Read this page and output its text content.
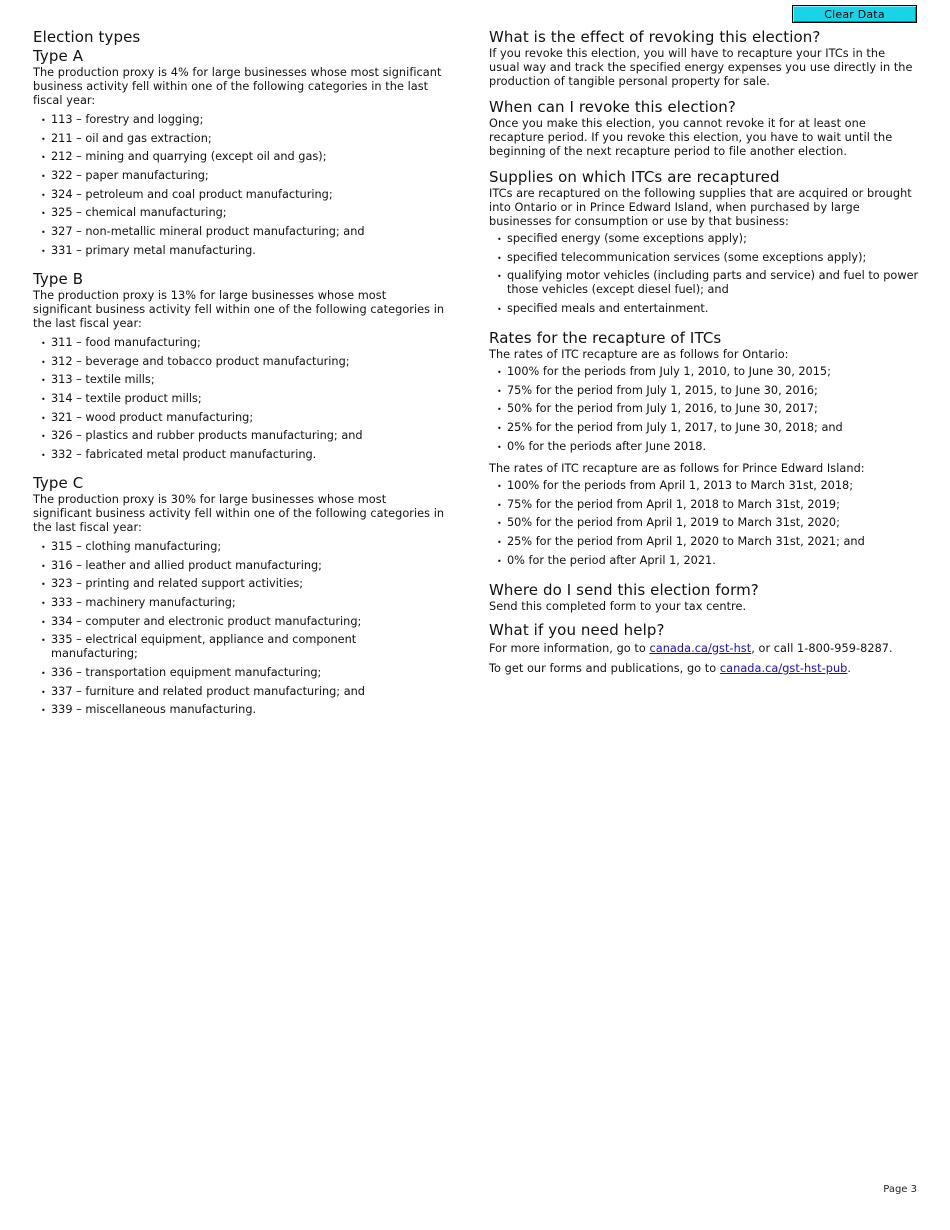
Clear Data
Election types
Type A

The production proxy is 4% for large businesses whose most significant business activity fell within one of the following categories in the last fiscal year:

• 113 – forestry and logging;
• 211 – oil and gas extraction;
• 212 – mining and quarrying (except oil and gas);
• 322 – paper manufacturing;
• 324 – petroleum and coal product manufacturing;
• 325 – chemical manufacturing;
• 327 – non-metallic mineral product manufacturing; and
• 331 – primary metal manufacturing.
Type B

The production proxy is 13% for large businesses whose most significant business activity fell within one of the following categories in the last fiscal year:

• 311 – food manufacturing;
• 312 – beverage and tobacco product manufacturing;
• 313 – textile mills;
• 314 – textile product mills;
• 321 – wood product manufacturing;
• 326 – plastics and rubber products manufacturing; and
• 332 – fabricated metal product manufacturing.
Type C

The production proxy is 30% for large businesses whose most significant business activity fell within one of the following categories in the last fiscal year:

• 315 – clothing manufacturing;
• 316 – leather and allied product manufacturing;
• 323 – printing and related support activities;
• 333 – machinery manufacturing;
• 334 – computer and electronic product manufacturing;
• 335 – electrical equipment, appliance and component manufacturing;
• 336 – transportation equipment manufacturing;
• 337 – furniture and related product manufacturing; and
• 339 – miscellaneous manufacturing.
What is the effect of revoking this election?

If you revoke this election, you will have to recapture your ITCs in the usual way and track the specified energy expenses you use directly in the production of tangible personal property for sale.

When can I revoke this election?

Once you make this election, you cannot revoke it for at least one recapture period. If you revoke this election, you have to wait until the beginning of the next recapture period to file another election.

Supplies on which ITCs are recaptured

ITCs are recaptured on the following supplies that are acquired or brought into Ontario or in Prince Edward Island, when purchased by large businesses for consumption or use by that business:

• specified energy (some exceptions apply);
• specified telecommunication services (some exceptions apply);
• qualifying motor vehicles (including parts and service) and fuel to power those vehicles (except diesel fuel); and
• specified meals and entertainment.
Rates for the recapture of ITCs

The rates of ITC recapture are as follows for Ontario:

• 100% for the periods from July 1, 2010, to June 30, 2015;
• 75% for the period from July 1, 2015, to June 30, 2016;
• 50% for the period from July 1, 2016, to June 30, 2017;
• 25% for the period from July 1, 2017, to June 30, 2018; and
• 0% for the periods after June 2018.

The rates of ITC recapture are as follows for Prince Edward Island:

• 100% for the periods from April 1, 2013 to March 31st, 2018;
• 75% for the period from April 1, 2018 to March 31st, 2019;
• 50% for the period from April 1, 2019 to March 31st, 2020;
• 25% for the period from April 1, 2020 to March 31st, 2021; and
• 0% for the period after April 1, 2021.
Where do I send this election form?

Send this completed form to your tax centre.

What if you need help?

For more information, go to canada.ca/gst-hst, or call 1-800-959-8287.

To get our forms and publications, go to canada.ca/gst-hst-pub.

Page 3
